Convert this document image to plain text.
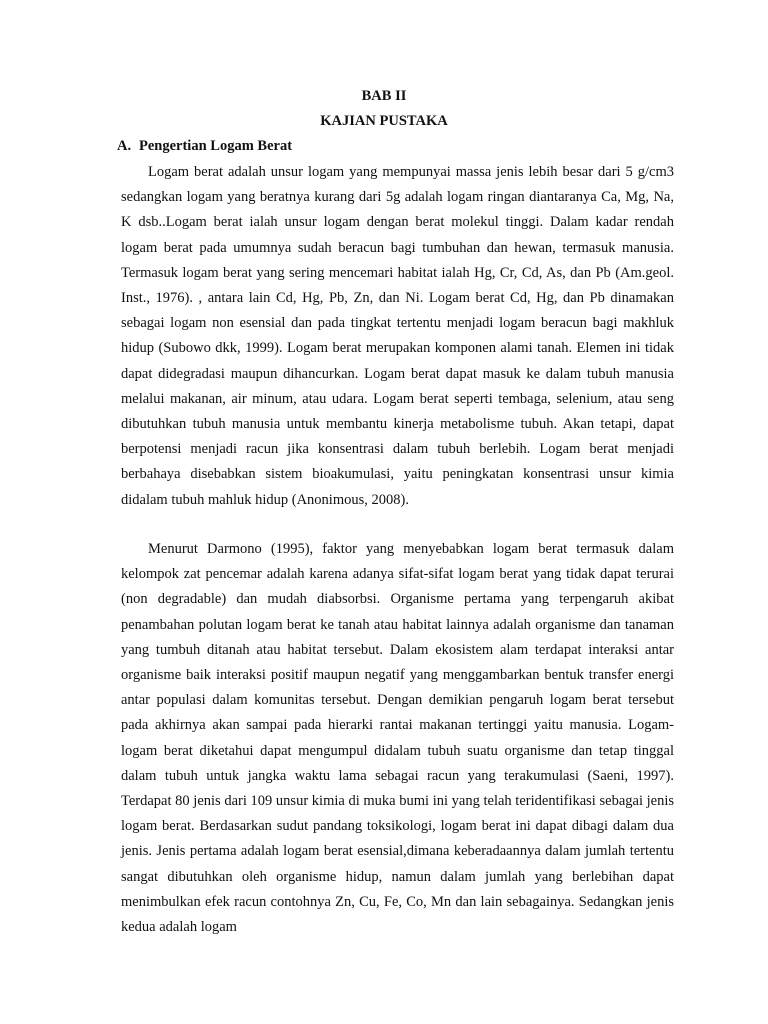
BAB II
KAJIAN PUSTAKA
A. Pengertian Logam Berat

Logam berat adalah unsur logam yang mempunyai massa jenis lebih besar dari 5 g/cm3 sedangkan logam yang beratnya kurang dari 5g adalah logam ringan diantaranya Ca, Mg, Na, K dsb..Logam berat ialah unsur logam dengan berat molekul tinggi. Dalam kadar rendah logam berat pada umumnya sudah beracun bagi tumbuhan dan hewan, termasuk manusia. Termasuk logam berat yang sering mencemari habitat ialah Hg, Cr, Cd, As, dan Pb (Am.geol. Inst., 1976). , antara lain Cd, Hg, Pb, Zn, dan Ni. Logam berat Cd, Hg, dan Pb dinamakan sebagai logam non esensial dan pada tingkat tertentu menjadi logam beracun bagi makhluk hidup (Subowo dkk, 1999). Logam berat merupakan komponen alami tanah. Elemen ini tidak dapat didegradasi maupun dihancurkan. Logam berat dapat masuk ke dalam tubuh manusia melalui makanan, air minum, atau udara. Logam berat seperti tembaga, selenium, atau seng dibutuhkan tubuh manusia untuk membantu kinerja metabolisme tubuh. Akan tetapi, dapat berpotensi menjadi racun jika konsentrasi dalam tubuh berlebih. Logam berat menjadi berbahaya disebabkan sistem bioakumulasi, yaitu peningkatan konsentrasi unsur kimia didalam tubuh mahluk hidup (Anonimous, 2008).

Menurut Darmono (1995), faktor yang menyebabkan logam berat termasuk dalam kelompok zat pencemar adalah karena adanya sifat-sifat logam berat yang tidak dapat terurai (non degradable) dan mudah diabsorbsi. Organisme pertama yang terpengaruh akibat penambahan polutan logam berat ke tanah atau habitat lainnya adalah organisme dan tanaman yang tumbuh ditanah atau habitat tersebut. Dalam ekosistem alam terdapat interaksi antar organisme baik interaksi positif maupun negatif yang menggambarkan bentuk transfer energi antar populasi dalam komunitas tersebut. Dengan demikian pengaruh logam berat tersebut pada akhirnya akan sampai pada hierarki rantai makanan tertinggi yaitu manusia. Logam-logam berat diketahui dapat mengumpul didalam tubuh suatu organisme dan tetap tinggal dalam tubuh untuk jangka waktu lama sebagai racun yang terakumulasi (Saeni, 1997). Terdapat 80 jenis dari 109 unsur kimia di muka bumi ini yang telah teridentifikasi sebagai jenis logam berat. Berdasarkan sudut pandang toksikologi, logam berat ini dapat dibagi dalam dua jenis. Jenis pertama adalah logam berat esensial,dimana keberadaannya dalam jumlah tertentu sangat dibutuhkan oleh organisme hidup, namun dalam jumlah yang berlebihan dapat menimbulkan efek racun contohnya Zn, Cu, Fe, Co, Mn dan lain sebagainya. Sedangkan jenis kedua adalah logam
